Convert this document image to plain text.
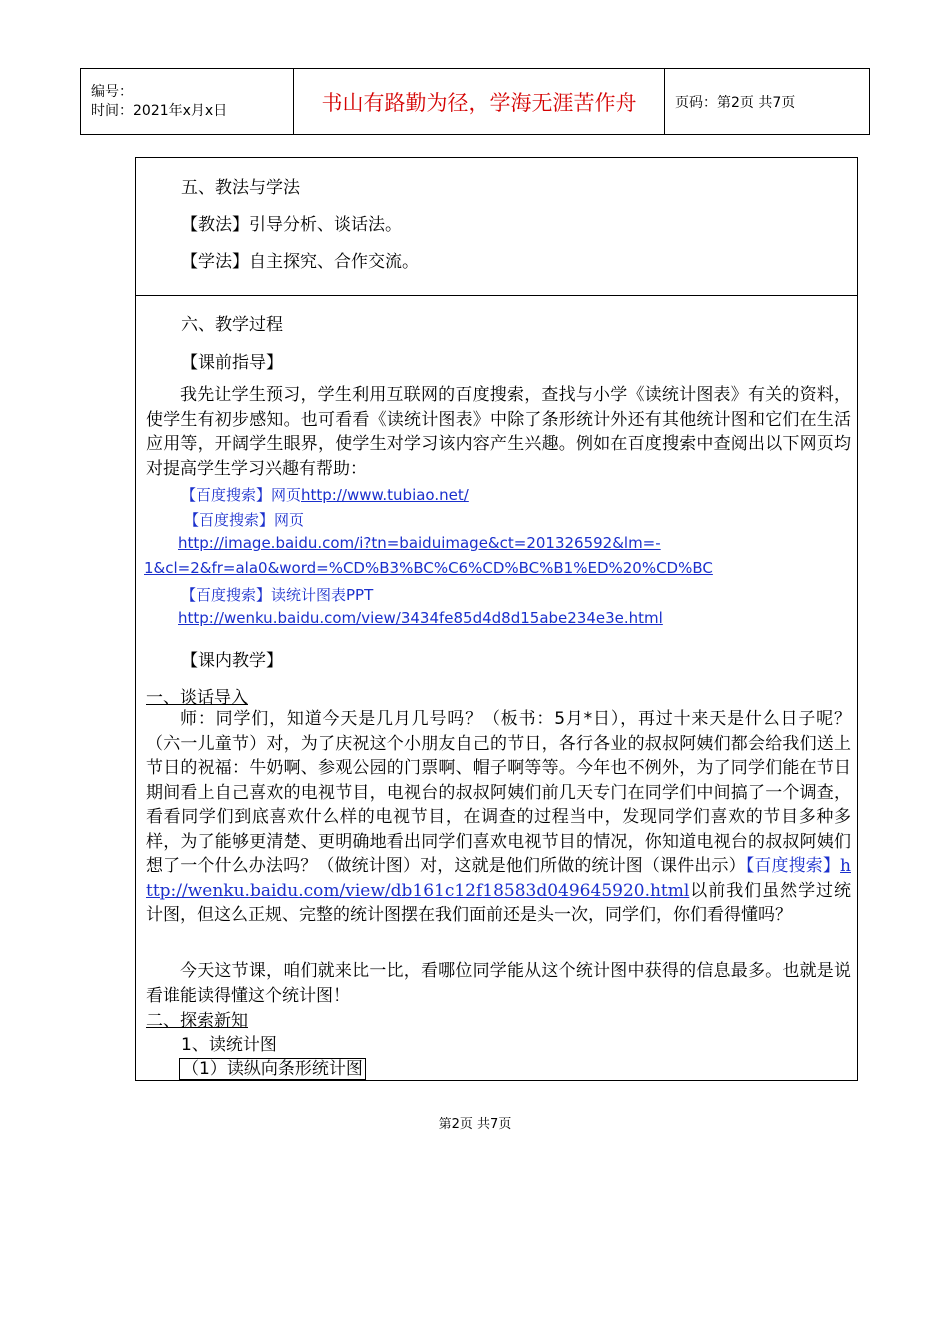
编号：
时间：2021年x月x日	书山有路勤为径，学海无涯苦作舟	页码：第2页 共7页
五、教法与学法
【教法】引导分析、谈话法。
【学法】自主探究、合作交流。
六、教学过程
【课前指导】
我先让学生预习，学生利用互联网的百度搜索，查找与小学《读统计图表》有关的资料，使学生有初步感知。也可看看《读统计图表》中除了条形统计外还有其他统计图和它们在生活应用等，开阔学生眼界，使学生对学习该内容产生兴趣。例如在百度搜索中查阅出以下网页均对提高学生学习兴趣有帮助：
【百度搜索】网页http://www.tubiao.net/
【百度搜索】网页
http://image.baidu.com/i?tn=baiduimage&ct=201326592&lm=-
1&cl=2&fr=ala0&word=%CD%B3%BC%C6%CD%BC%B1%ED%20%CD%BC
【百度搜索】读统计图表PPT
http://wenku.baidu.com/view/3434fe85d4d8d15abe234e3e.html
【课内教学】
一、谈话导入
师：同学们，知道今天是几月几号吗？（板书：5月*日），再过十来天是什么日子呢？（六一儿童节）对，为了庆祝这个小朋友自己的节日，各行各业的叔叔阿姨们都会给我们送上节日的祝福：牛奶啊、参观公园的门票啊、帽子啊等等。今年也不例外，为了同学们能在节日期间看上自己喜欢的电视节目，电视台的叔叔阿姨们前几天专门在同学们中间搞了一个调查，看看同学们到底喜欢什么样的电视节目，在调查的过程当中，发现同学们喜欢的节目多种多样，为了能够更清楚、更明确地看出同学们喜欢电视节目的情况，你知道电视台的叔叔阿姨们想了一个什么办法吗？（做统计图）对，这就是他们所做的统计图（课件出示）【百度搜索】http://wenku.baidu.com/view/db161c12f18583d049645920.html以前我们虽然学过统计图，但这么正规、完整的统计图摆在我们面前还是头一次，同学们，你们看得懂吗？
今天这节课，咱们就来比一比，看哪位同学能从这个统计图中获得的信息最多。也就是说看谁能读得懂这个统计图！
二、探索新知
1、读统计图
（1）读纵向条形统计图
第2页 共7页
